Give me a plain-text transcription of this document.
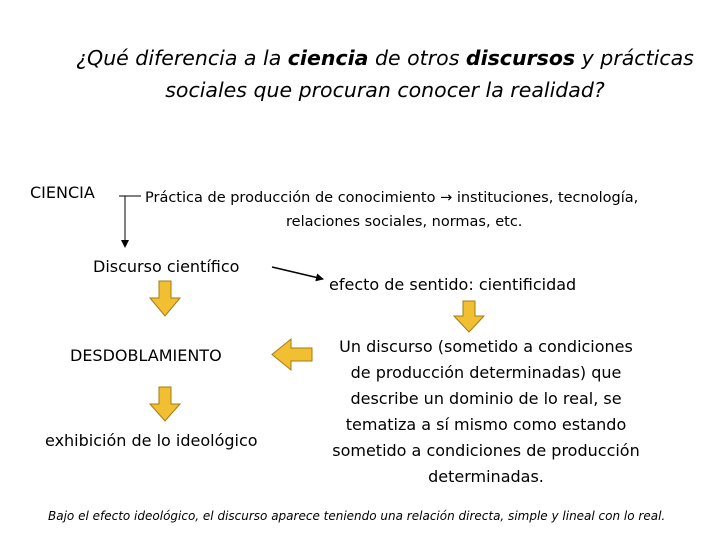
¿Qué diferencia a la ciencia de otros discursos y prácticas sociales que procuran conocer la realidad?
CIENCIA	Práctica de producción de conocimiento → instituciones, tecnología,
relaciones sociales, normas, etc.
Discurso científico
efecto de sentido: cientificidad
DESDOBLAMIENTO
exhibición de lo ideológico
Un discurso (sometido a condiciones
de producción determinadas) que
describe un dominio de lo real, se
tematiza a sí mismo como estando
sometido a condiciones de producción
determinadas.
Bajo el efecto ideológico, el discurso aparece teniendo una relación directa, simple y lineal con lo real.
